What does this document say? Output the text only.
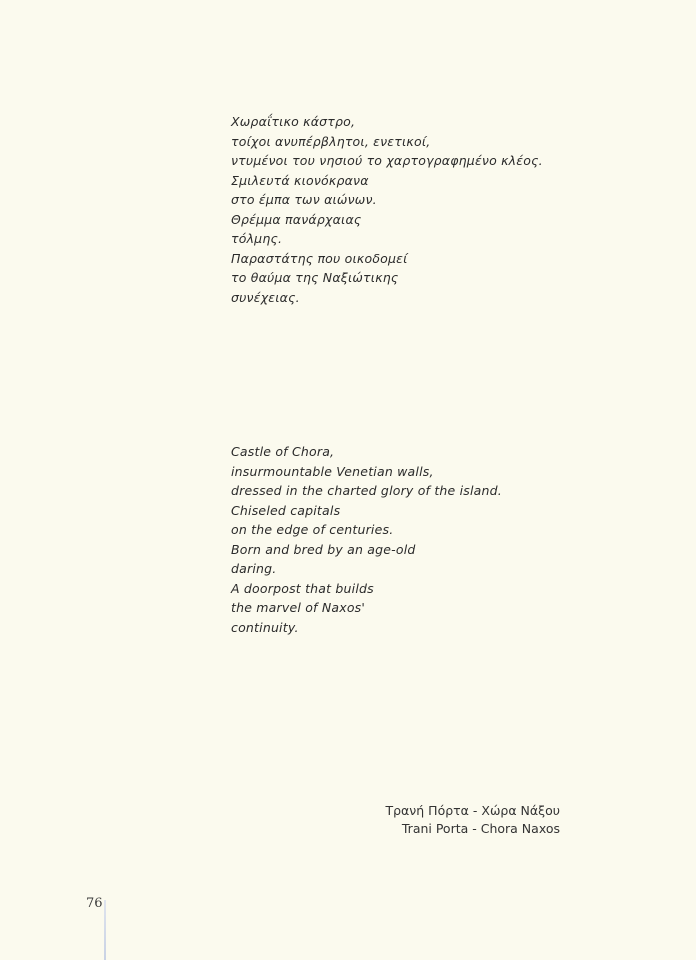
Χωραΐτικο κάστρο,
τοίχοι ανυπέρβλητοι, ενετικοί,
ντυμένοι του νησιού το χαρτογραφημένο κλέος.
Σμιλευτά κιονόκρανα
στο έμπα των αιώνων.
Θρέμμα πανάρχαιας
τόλμης.
Παραστάτης που οικοδομεί
το θαύμα της Ναξιώτικης
συνέχειας.
Castle of Chora,
insurmountable Venetian walls,
dressed in the charted glory of the island.
Chiseled capitals
on the edge of centuries.
Born and bred by an age-old
daring.
A doorpost that builds
the marvel of Naxos'
continuity.
Τρανή Πόρτα - Χώρα Νάξου
Trani Porta - Chora Naxos
76
